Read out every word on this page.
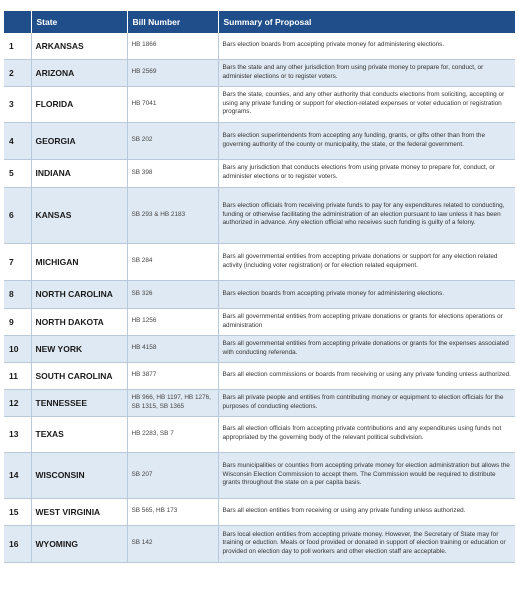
	State	Bill Number	Summary of Proposal
1	ARKANSAS	HB 1866	Bars election boards from accepting private money for administering elections.
2	ARIZONA	HB 2569	Bars the state and any other jurisdiction from using private money to prepare for, conduct, or administer elections or to register voters.
3	FLORIDA	HB 7041	Bars the state, counties, and any other authority that conducts elections from soliciting, accepting or using any private funding or support for election-related expenses or voter education or registration programs.
4	GEORGIA	SB 202	Bars election superintendents from accepting any funding, grants, or gifts other than from the governing authority of the county or municipality, the state, or the federal government.
5	INDIANA	SB 398	Bars any jurisdiction that conducts elections from using private money to prepare for, conduct, or administer elections or to register voters.
6	KANSAS	SB 293 & HB 2183	Bars election officials from receiving private funds to pay for any expenditures related to conducting, funding or otherwise facilitating the administration of an election pursuant to law unless it has been authorized in advance. Any election official who receives such funding is guilty of a felony.
7	MICHIGAN	SB 284	Bars all governmental entities from accepting private donations or support for any election related activity (including voter registration) or for election related equipment.
8	NORTH CAROLINA	SB 326	Bars election boards from accepting private money for administering elections.
9	NORTH DAKOTA	HB 1256	Bars all governmental entities from accepting private donations or grants for elections operations or administration
10	NEW YORK	HB 4158	Bars all governmental entities from accepting private donations or grants for the expenses associated with conducting referenda.
11	SOUTH CAROLINA	HB 3877	Bars all election commissions or boards from receiving or using any private funding unless authorized.
12	TENNESSEE	HB 966, HB 1197, HB 1276, SB 1315, SB 1365	Bars all private people and entities from contributing money or equipment to election officials for the purposes of conducting elections.
13	TEXAS	HB 2283, SB 7	Bars all election officials from accepting private contributions and any expenditures using funds not appropriated by the governing body of the relevant political subdivision.
14	WISCONSIN	SB 207	Bars municipalities or counties from accepting private money for election administration but allows the Wisconsin Election Commission to accept them. The Commission would be required to distribute grants throughout the state on a per capita basis.
15	WEST VIRGINIA	SB 565, HB 173	Bars all election entities from receiving or using any private funding unless authorized.
16	WYOMING	SB 142	Bars local election entities from accepting private money. However, the Secretary of State may for training or eduction. Meals or food provided or donated in support of election training or education or provided on election day to poll workers and other election staff are acceptable.
